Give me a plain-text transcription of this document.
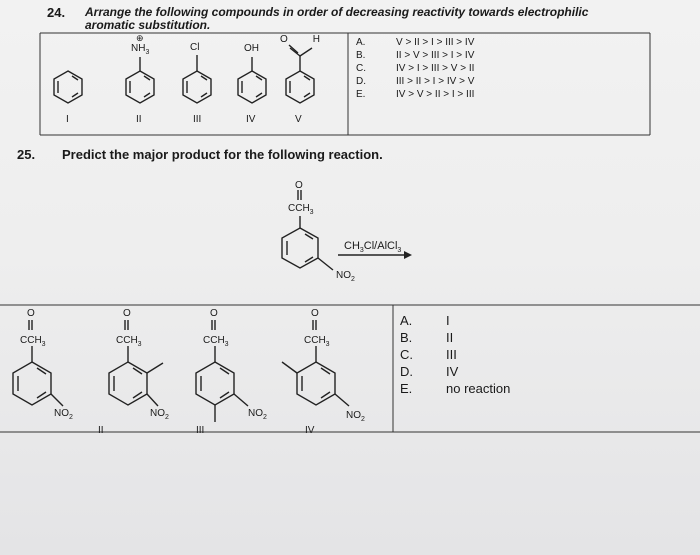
24. Arrange the following compounds in order of decreasing reactivity towards electrophilic
aromatic substitution.
⊕
$NH_3$	Cl	OH
O	H
I	II	III	IV	V
A.	V > II > I > III > IV
B.	II > V > III > I > IV
C.	IV > I > III > V > II
D.	III > II > I > IV > V
E.	IV > V > II > I > III
25. Predict the major product for the following reaction.
O
$CCH_3$
$NO_2$
$CH_3Cl/AlCl_3$
O
$CCH_3$
$NO_2$
O
$CCH_3$
$NO_2$
O
$CCH_3$
$NO_2$
O
$CCH_3$
$NO_2$
II	III	IV
A.	I
B.	II
C.	III
D.	IV
E.	no reaction
